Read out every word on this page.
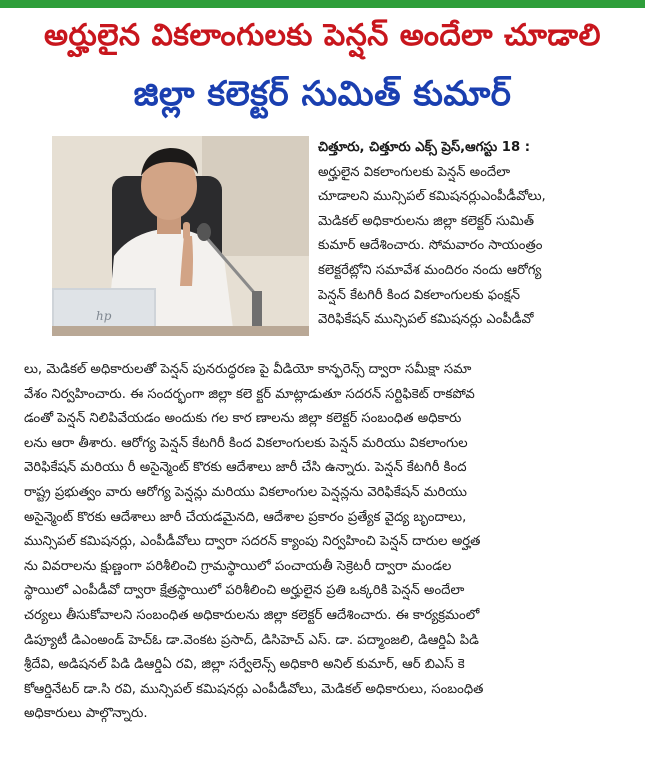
అర్హులైన వికలాంగులకు పెన్షన్ అందేలా చూడాలి
జిల్లా కలెక్టర్ సుమిత్ కుమార్
hp
చిత్తూరు, చిత్తూరు ఎక్స్ ప్రెస్,ఆగస్టు 18 :
అర్హులైన వికలాంగులకు పెన్షన్ అందేలా
చూడాలని మున్సిపల్ కమిషనర్లుఎంపీడీవోలు,
మెడికల్ అధికారులను జిల్లా కలెక్టర్ సుమిత్
కుమార్ ఆదేశించారు. సోమవారం సాయంత్రం
కలెక్టరేట్లోని సమావేశ మందిరం నందు ఆరోగ్య
పెన్షన్ కేటగిరీ కింద వికలాంగులకు ఫంక్షన్
వెరిఫికేషన్ మున్సిపల్ కమిషనర్లు ఎంపీడీవో
లు, మెడికల్ అధికారులతో పెన్షన్ పునరుద్ధరణ పై వీడియో కాన్ఫరెన్స్ ద్వారా సమీక్షా సమా
వేశం నిర్వహించారు. ఈ సందర్భంగా జిల్లా కలె క్టర్ మాట్లాడుతూ సదరన్ సర్టిఫికెట్ రాకపోవ
డంతో పెన్షన్ నిలిపివేయడం అందుకు గల కార ణాలను జిల్లా కలెక్టర్ సంబంధిత అధికారు
లను ఆరా తీశారు. ఆరోగ్య పెన్షన్ కేటగిరీ కింద వికలాంగులకు పెన్షన్ మరియు వికలాంగుల
వెరిఫికేషన్ మరియు రీ అసైన్మెంట్ కొరకు ఆదేశాలు జారీ చేసి ఉన్నారు. పెన్షన్ కేటగిరీ కింద
రాష్ట్ర ప్రభుత్వం వారు ఆరోగ్య పెన్షన్లు మరియు వికలాంగుల పెన్షన్లను వెరిఫికేషన్ మరియు
అసైన్మెంట్ కొరకు ఆదేశాలు జారీ చేయడమైనది, ఆదేశాల ప్రకారం ప్రత్యేక వైద్య బృందాలు,
మున్సిపల్ కమిషనర్లు, ఎంపీడీవోలు ద్వారా సదరన్ క్యాంపు నిర్వహించి పెన్షన్ దారుల అర్హత
ను వివరాలను క్షుణ్ణంగా పరిశీలించి గ్రామస్థాయిలో పంచాయతీ సెక్రెటరీ ద్వారా మండల
స్థాయిలో ఎంపీడీవో ద్వారా క్షేత్రస్థాయిలో పరిశీలించి అర్హులైన ప్రతి ఒక్కరికి పెన్షన్ అందేలా
చర్యలు తీసుకోవాలని సంబంధిత అధికారులను జిల్లా కలెక్టర్ ఆదేశించారు. ఈ కార్యక్రమంలో
డిప్యూటీ డిఎంఅండ్ హెచ్ఓ డా.వెంకట ప్రసాద్, డిసిహెచ్ ఎస్. డా. పద్మాంజలి, డిఆర్డిఏ పిడి
శ్రీదేవి, అడిషనల్ పిడి డిఆర్డిఏ రవి, జిల్లా సర్వేలెన్స్ అధికారి అనిల్ కుమార్, ఆర్ బిఎస్ కె
కోఆర్డినేటర్ డా.సి రవి, మున్సిపల్ కమిషనర్లు ఎంపీడీవోలు, మెడికల్ అధికారులు, సంబంధిత
అధికారులు పాల్గొన్నారు.
